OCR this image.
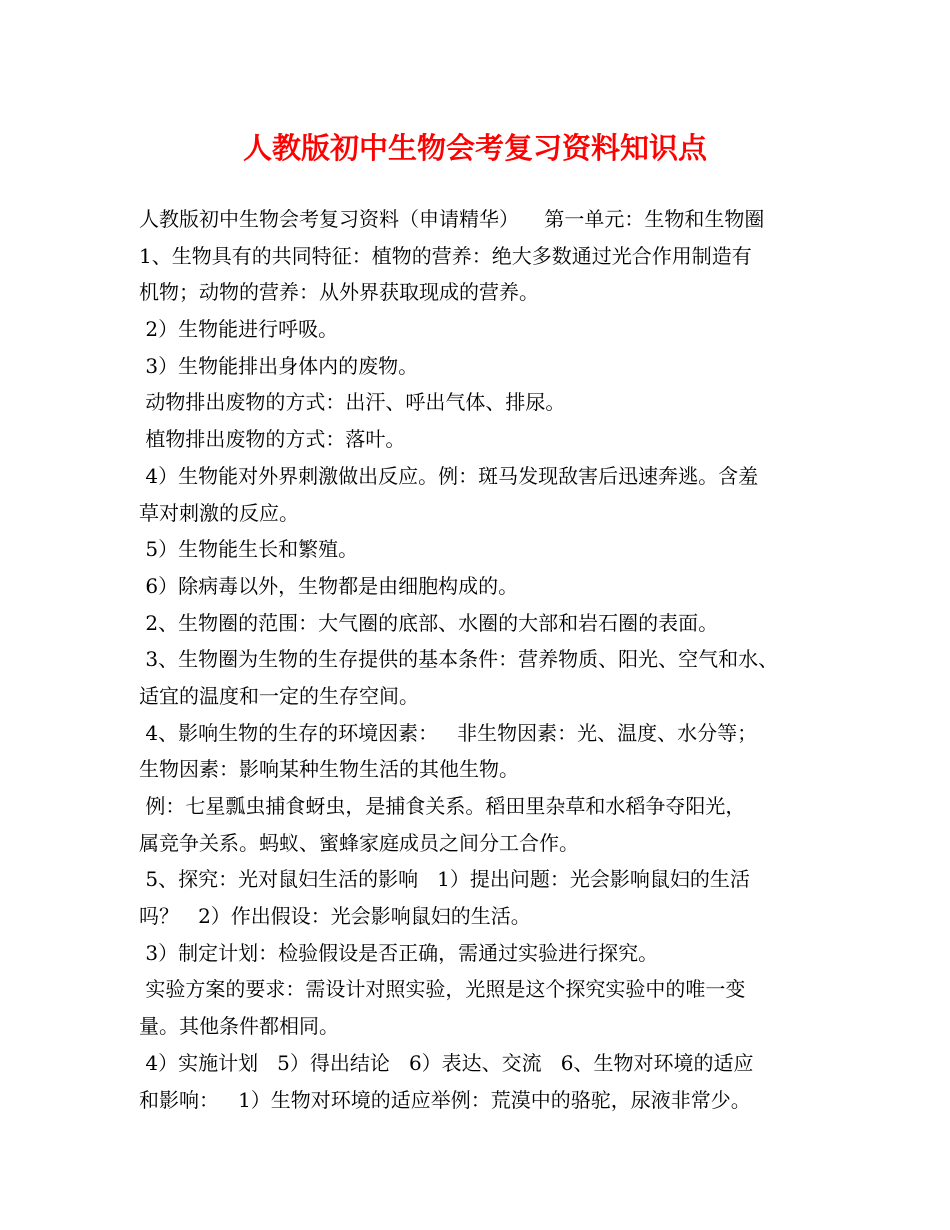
人教版初中生物会考复习资料知识点
人教版初中生物会考复习资料（申请精华）    第一单元：生物和生物圈
1、生物具有的共同特征：植物的营养：绝大多数通过光合作用制造有
机物；动物的营养：从外界获取现成的营养。
2）生物能进行呼吸。
3）生物能排出身体内的废物。
动物排出废物的方式：出汗、呼出气体、排尿。
植物排出废物的方式：落叶。
4）生物能对外界刺激做出反应。例：斑马发现敌害后迅速奔逃。含羞
草对刺激的反应。
5）生物能生长和繁殖。
6）除病毒以外，生物都是由细胞构成的。
2、生物圈的范围：大气圈的底部、水圈的大部和岩石圈的表面。
3、生物圈为生物的生存提供的基本条件：营养物质、阳光、空气和水、
适宜的温度和一定的生存空间。
4、影响生物的生存的环境因素：   非生物因素：光、温度、水分等；
生物因素：影响某种生物生活的其他生物。
例：七星瓢虫捕食蚜虫，是捕食关系。稻田里杂草和水稻争夺阳光，
属竞争关系。蚂蚁、蜜蜂家庭成员之间分工合作。
5、探究：光对鼠妇生活的影响   1）提出问题：光会影响鼠妇的生活
吗？   2）作出假设：光会影响鼠妇的生活。
3）制定计划：检验假设是否正确，需通过实验进行探究。
实验方案的要求：需设计对照实验，光照是这个探究实验中的唯一变
量。其他条件都相同。
4）实施计划   5）得出结论   6）表达、交流   6、生物对环境的适应
和影响：   1）生物对环境的适应举例：荒漠中的骆驼，尿液非常少。
